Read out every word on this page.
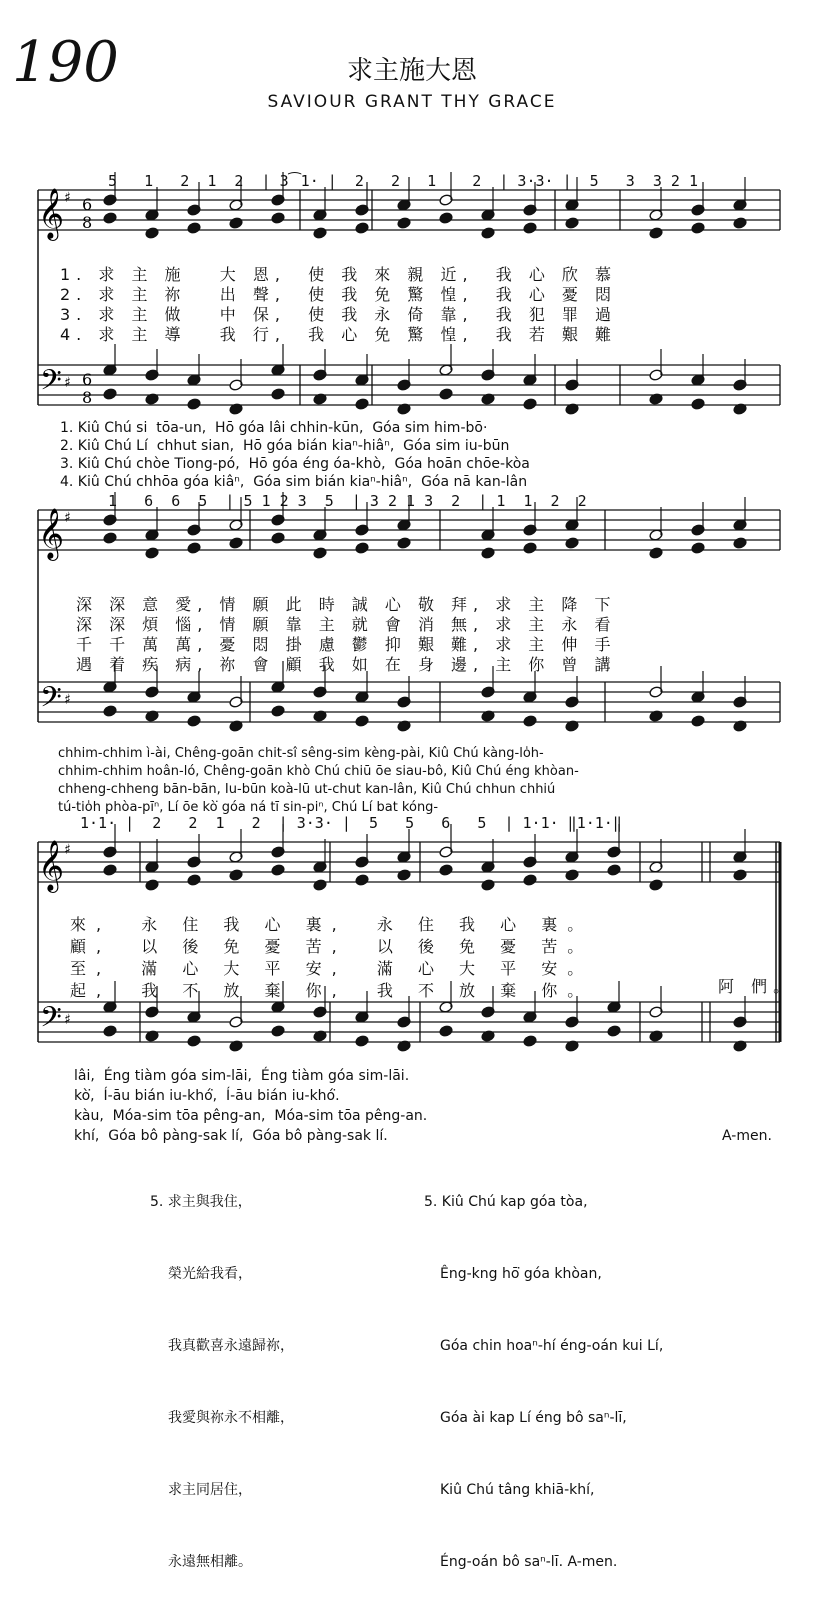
190	求主施大恩
SAVIOUR GRANT THY GRACE
𝄞
𝄢
♯
♯
6
8
6
8
𝄞
𝄢
♯
♯
𝄞
𝄢
♯
♯
5   1   2  1  2  | 3⁀1· |  2   2   1    2  | 3·3· |  5   3  3 2 1
1. 求 主 施   大 恩,  使 我 來 親 近,  我 心 欣 慕
2. 求 主 祢   出 聲,  使 我 免 驚 惶,  我 心 憂 悶
3. 求 主 做   中 保,  使 我 永 倚 靠,  我 犯 罪 過
4. 求 主 導   我 行,  我 心 免 驚 惶,  我 若 艱 難
1. Kiû Chú si  tōa-un,  Hō góa lâi chhin-kūn,  Góa sim him-bō·
2. Kiû Chú Lí  chhut sian,  Hō góa bián kiaⁿ-hiâⁿ,  Góa sim iu-būn
3. Kiû Chú chòe Tiong-pó,  Hō góa éng óa-khò,  Góa hoān chōe-kòa
4. Kiû Chú chhōa góa kiâⁿ,  Góa sim bián kiaⁿ-hiâⁿ,  Góa nā kan-lân
1   6  6  5  | 5 1 2 3  5  | 3 2 1 3  2  | 1  1  2  2
深 深 意 愛, 情 願 此 時 誠 心 敬 拜, 求 主 降 下
深 深 煩 惱, 情 願 靠 主 就 會 消 無, 求 主 永 看
千 千 萬 萬, 憂 悶 掛 慮 鬱 抑 艱 難, 求 主 伸 手
遇 着 疾 病, 祢 會 顧 我 如 在 身 邊, 主 你 曾 講
chhim-chhim ì-ài, Chêng-goān chit-sî sêng-sim kèng-pài, Kiû Chú kàng-lo̍h-
chhim-chhim hoân-ló, Chêng-goān khò Chú chiū ōe siau-bô, Kiû Chú éng khòan-
chheng-chheng bān-bān, Iu-būn koà-lū ut-chut kan-lân, Kiû Chú chhun chhiú
tú-tio̍h phòa-pīⁿ, Lí ōe kò͘ góa ná tī sin-piⁿ, Chú Lí bat kóng-
1·1· |  2   2  1   2  | 3·3· |  5   5   6   5  | 1·1· ‖1·1·‖
來,  永 住 我 心 裏,  永 住 我 心 裏。
顧,  以 後 免 憂 苦,  以 後 免 憂 苦。
至,  滿 心 大 平 安,  滿 心 大 平 安。
起,  我 不 放 棄 你,  我 不 放 棄 你。	阿 們。
lâi,  Éng tiàm góa sim-lāi,  Éng tiàm góa sim-lāi.
kò͘,  Í-āu bián iu-khó͘,  Í-āu bián iu-khó͘.
kàu,  Móa-sim tōa pêng-an,  Móa-sim tōa pêng-an.
khí,  Góa bô pàng-sak lí,  Góa bô pàng-sak lí.	A-men.

5. 求主與我住，

榮光給我看，

我真歡喜永遠歸祢，

我愛與祢永不相離，

求主同居住，

永遠無相離。

5. Kiû Chú kap góa tòa,

Êng-kng hō͘ góa khòan,

Góa chin hoaⁿ-hí éng-oán kui Lí,

Góa ài kap Lí éng bô saⁿ-lī,

Kiû Chú tâng khiā-khí,

Éng-oán bô saⁿ-lī. A-men.
